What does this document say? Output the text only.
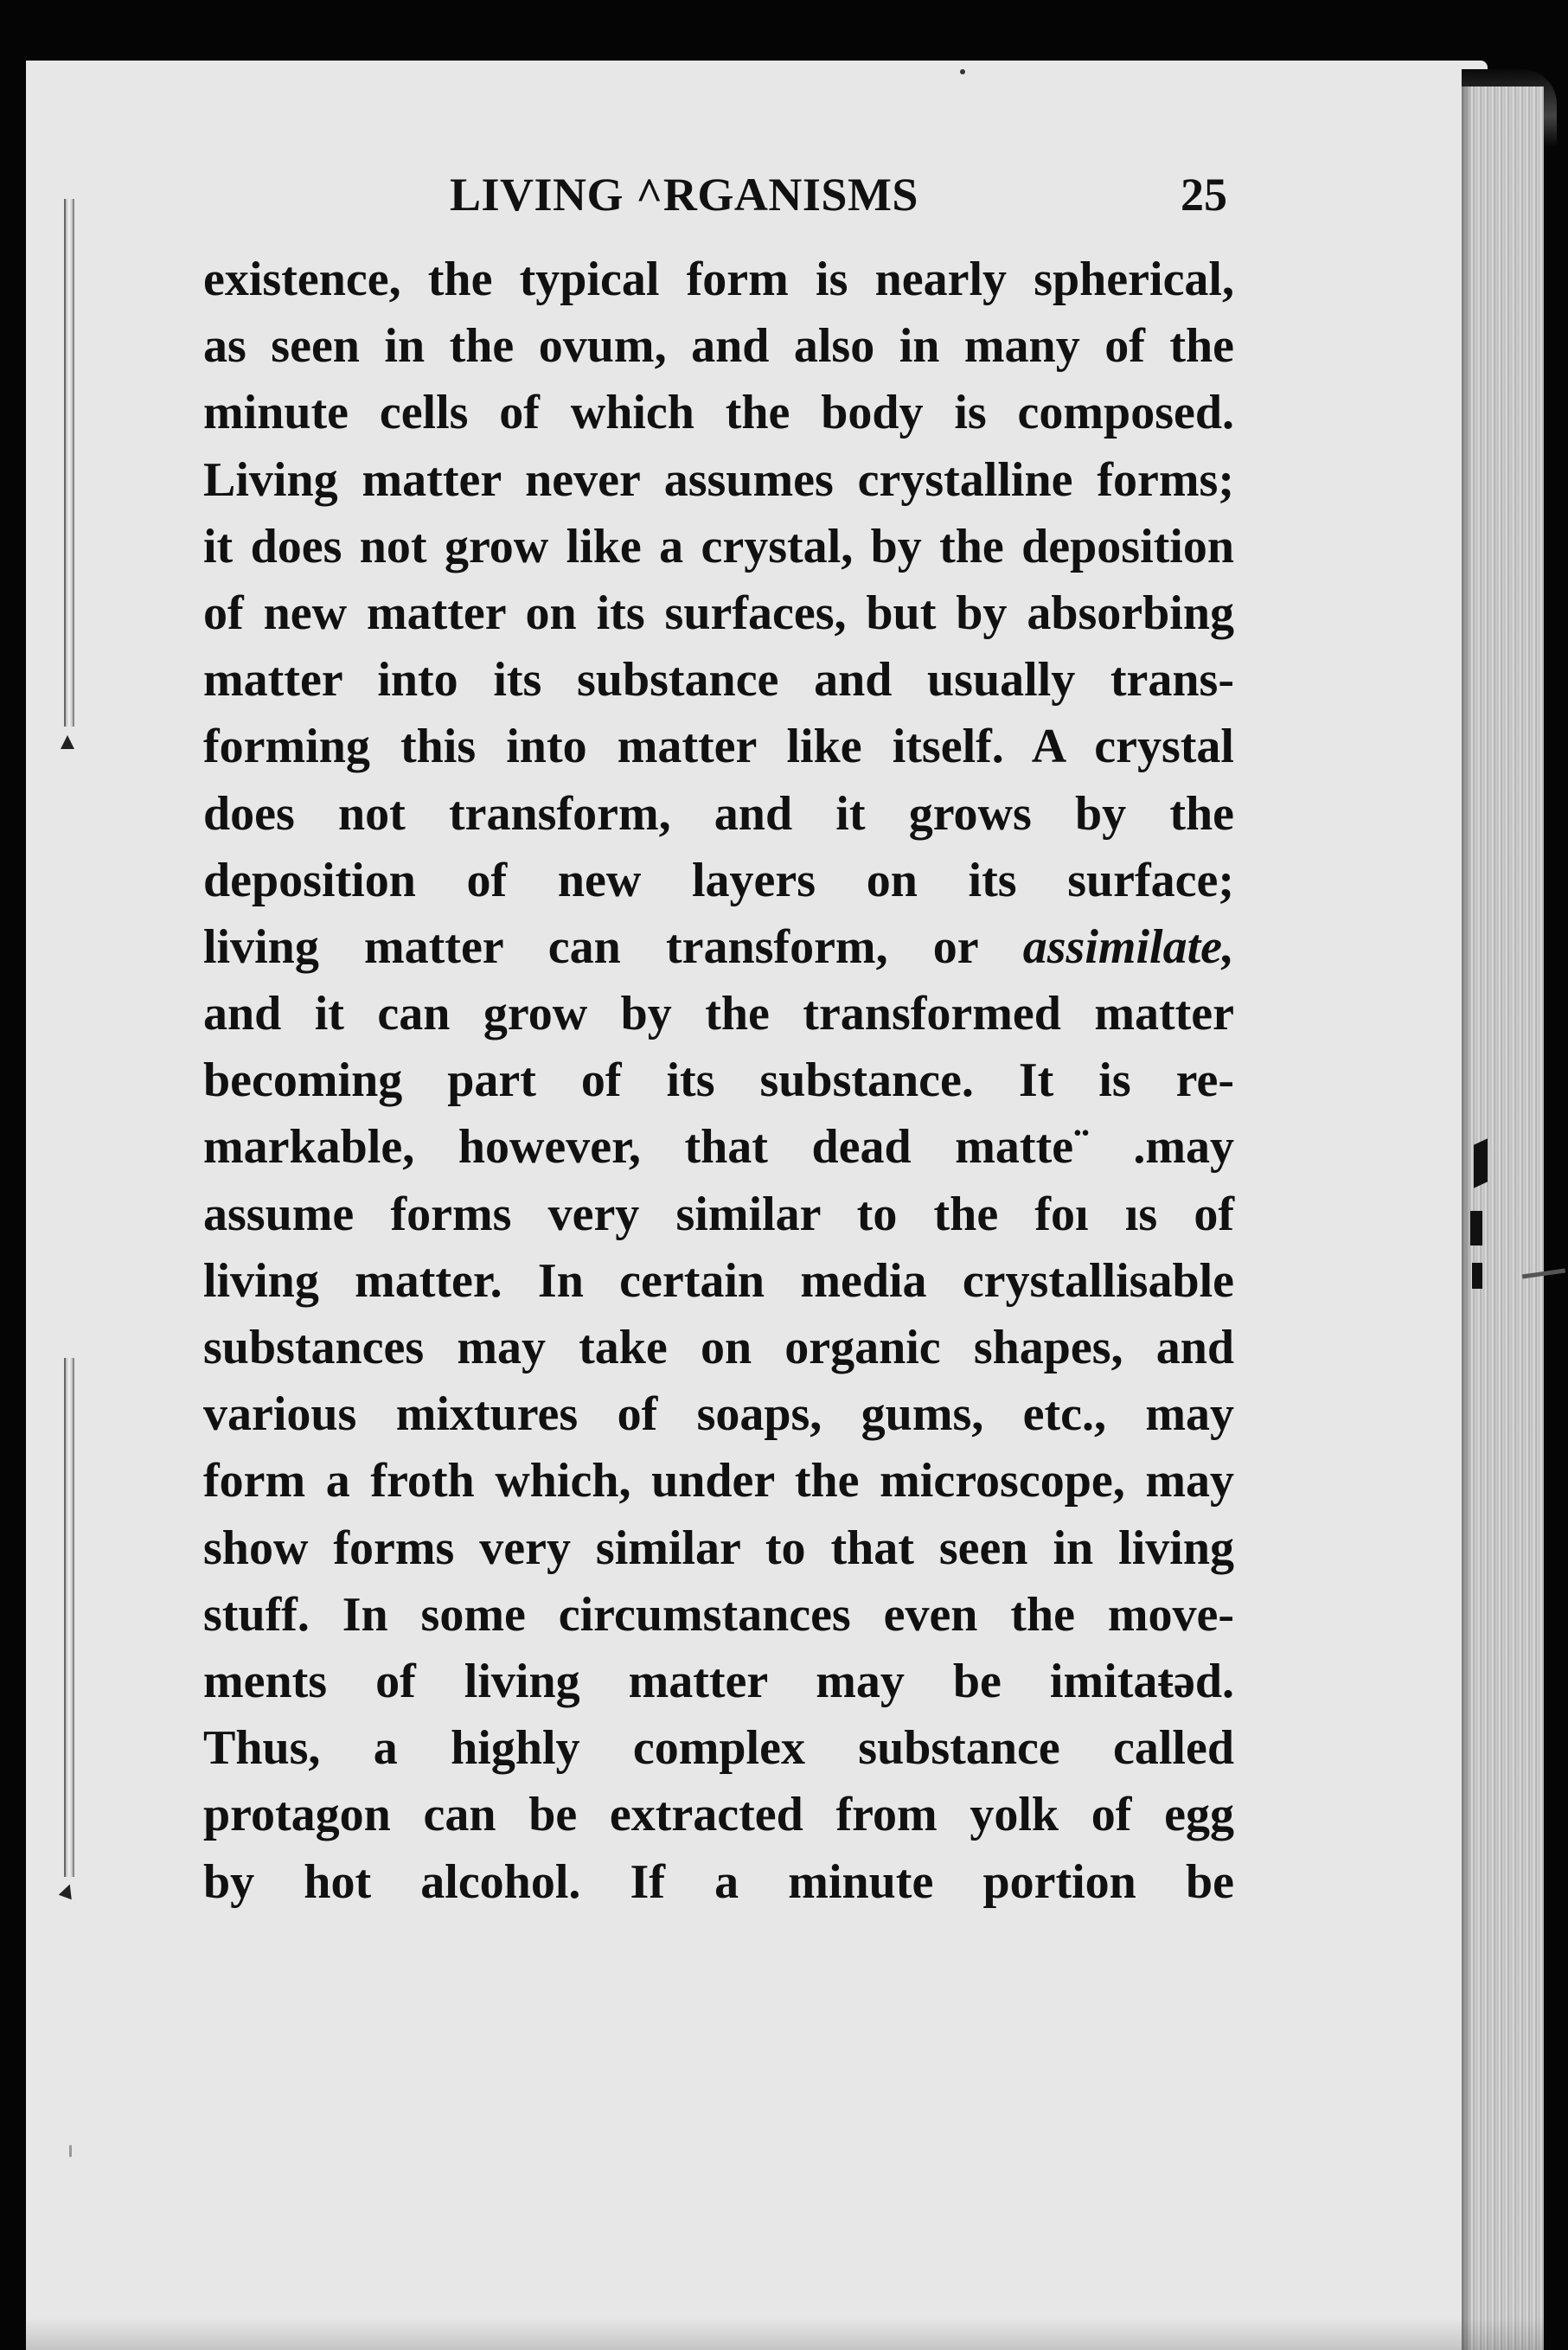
LIVING ^RGANISMS	25
existence, the typical form is nearly spherical,
as seen in the ovum, and also in many of the
minute cells of which the body is composed.
Living matter never assumes crystalline forms;
it does not grow like a crystal, by the deposition
of new matter on its surfaces, but by absorbing
matter into its substance and usually trans-
forming this into matter like itself. A crystal
does not transform, and it grows by the
deposition of new layers on its surface;
living matter can transform, or assimilate,
and it can grow by the transformed matter
becoming part of its substance. It is re-
markable, however, that dead matte¨ .may
assume forms very similar to the foı ıs of
living matter. In certain media crystallisable
substances may take on organic shapes, and
various mixtures of soaps, gums, etc., may
form a froth which, under the microscope, may
show forms very similar to that seen in living
stuff. In some circumstances even the move-
ments of living matter may be imitaŧəd.
Thus, a highly complex substance called
protagon can be extracted from yolk of egg
by hot alcohol. If a minute portion be
